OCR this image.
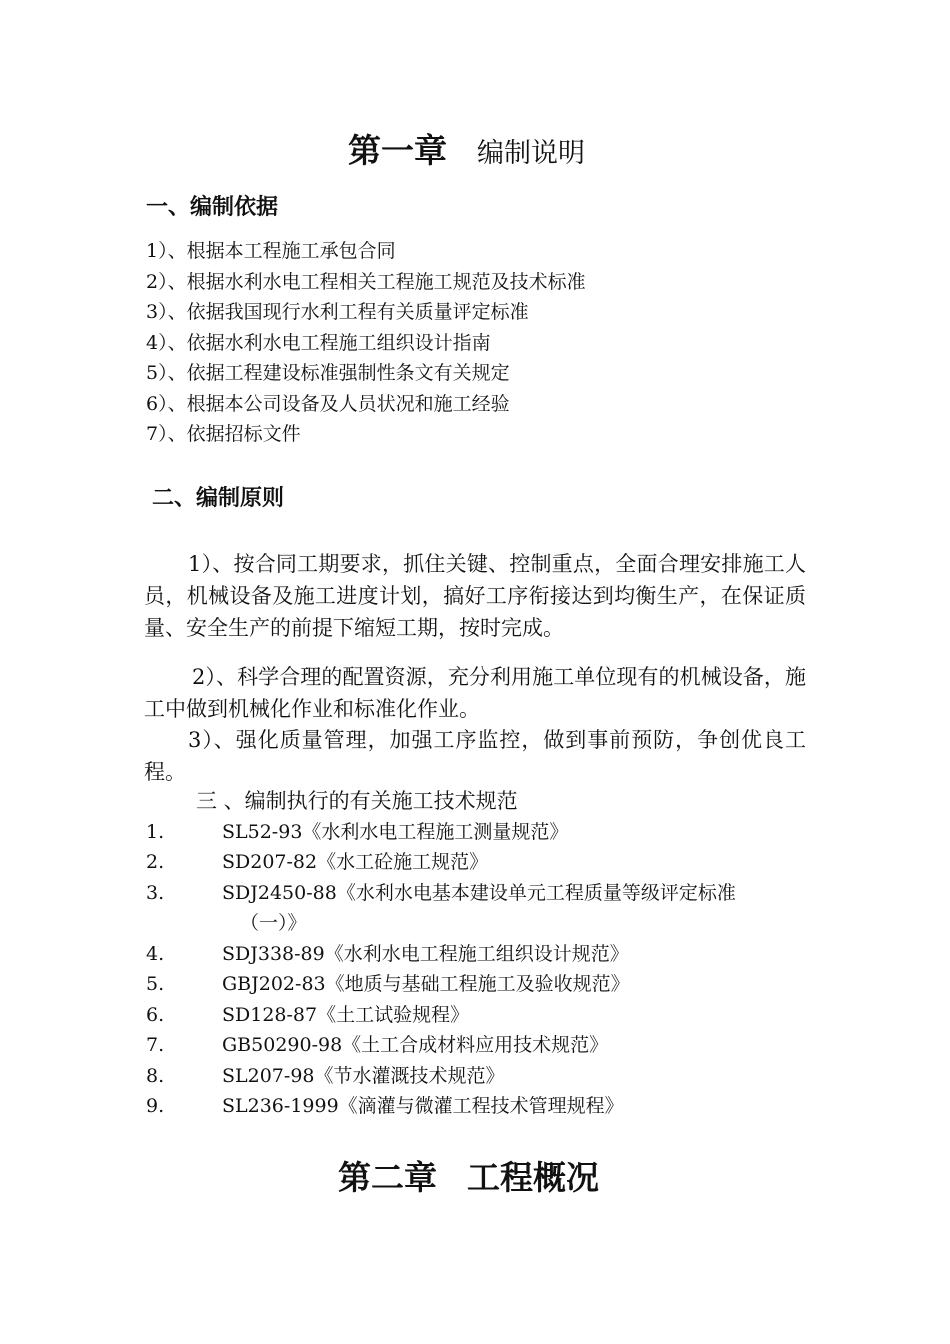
第一章 编制说明
一、编制依据
1）、根据本工程施工承包合同
2）、根据水利水电工程相关工程施工规范及技术标准
3）、依据我国现行水利工程有关质量评定标准
4）、依据水利水电工程施工组织设计指南
5）、依据工程建设标准强制性条文有关规定
6）、根据本公司设备及人员状况和施工经验
7）、依据招标文件
二、编制原则
1）、按合同工期要求，抓住关键、控制重点，全面合理安排施工人员，机械设备及施工进度计划，搞好工序衔接达到均衡生产，在保证质量、安全生产的前提下缩短工期，按时完成。
2）、科学合理的配置资源，充分利用施工单位现有的机械设备，施工中做到机械化作业和标准化作业。
3）、强化质量管理，加强工序监控，做到事前预防，争创优良工程。
三 、编制执行的有关施工技术规范
1.	SL52-93《水利水电工程施工测量规范》
2.	SD207-82《水工砼施工规范》
3.	SDJ2450-88《水利水电基本建设单元工程质量等级评定标准
（一）》
4.	SDJ338-89《水利水电工程施工组织设计规范》
5.	GBJ202-83《地质与基础工程施工及验收规范》
6.	SD128-87《土工试验规程》
7.	GB50290-98《土工合成材料应用技术规范》
8.	SL207-98《节水灌溉技术规范》
9.	SL236-1999《滴灌与微灌工程技术管理规程》
第二章 工程概况
